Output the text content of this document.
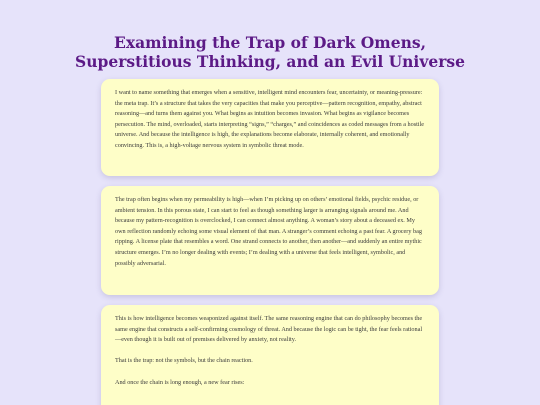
Examining the Trap of Dark Omens,
Superstitious Thinking, and an Evil Universe

I want to name something that emerges when a sensitive, intelligent mind encounters fear, uncertainty, or meaning-pressure: the meta trap. It’s a structure that takes the very capacities that make you perceptive—pattern recognition, empathy, abstract reasoning—and turns them against you. What begins as intuition becomes invasion. What begins as vigilance becomes persecution. The mind, overloaded, starts interpreting “signs,” “charges,” and coincidences as coded messages from a hostile universe. And because the intelligence is high, the explanations become elaborate, internally coherent, and emotionally convincing. This is, a high-voltage nervous system in symbolic threat mode.

The trap often begins when my permeability is high—when I’m picking up on others’ emotional fields, psychic residue, or ambient tension. In this porous state, I can start to feel as though something larger is arranging signals around me. And because my pattern-recognition is overclocked, I can connect almost anything. A woman’s story about a deceased ex. My own reflection randomly echoing some visual element of that man. A stranger’s comment echoing a past fear. A grocery bag ripping. A license plate that resembles a word. One strand connects to another, then another—and suddenly an entire mythic structure emerges. I’m no longer dealing with events; I’m dealing with a universe that feels intelligent, symbolic, and possibly adversarial.

This is how intelligence becomes weaponized against itself. The same reasoning engine that can do philosophy becomes the same engine that constructs a self-confirming cosmology of threat. And because the logic can be tight, the fear feels rational—even though it is built out of premises delivered by anxiety, not reality.

That is the trap: not the symbols, but the chain reaction.

And once the chain is long enough, a new fear rises:
